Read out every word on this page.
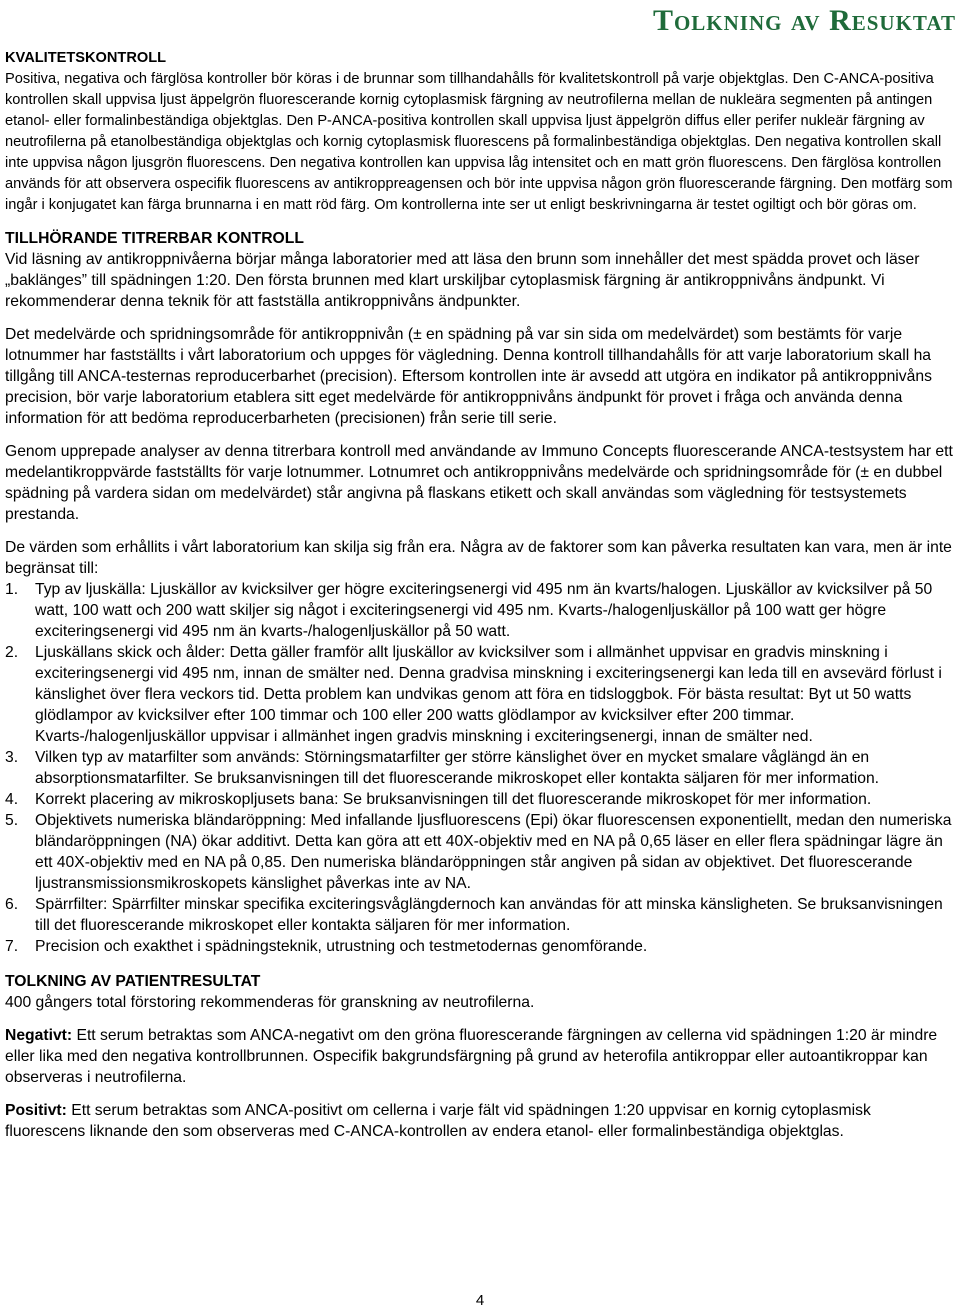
Tolkning av Resuktat
KVALITETSKONTROLL

Positiva, negativa och färglösa kontroller bör köras i de brunnar som tillhandahålls för kvalitetskontroll på varje objektglas. Den C-ANCA-positiva kontrollen skall uppvisa ljust äppelgrön fluorescerande kornig cytoplasmisk färgning av neutrofilerna mellan de nukleära segmenten på antingen etanol- eller formalinbeständiga objektglas. Den P-ANCA-positiva kontrollen skall uppvisa ljust äppelgrön diffus eller perifer nukleär färgning av neutrofilerna på etanolbeständiga objektglas och kornig cytoplasmisk fluorescens på formalinbeständiga objektglas. Den negativa kontrollen skall inte uppvisa någon ljusgrön fluorescens. Den negativa kontrollen kan uppvisa låg intensitet och en matt grön fluorescens. Den färglösa kontrollen används för att observera ospecifik fluorescens av antikroppreagensen och bör inte uppvisa någon grön fluorescerande färgning. Den motfärg som ingår i konjugatet kan färga brunnarna i en matt röd färg. Om kontrollerna inte ser ut enligt beskrivningarna är testet ogiltigt och bör göras om.

TILLHÖRANDE TITRERBAR KONTROLL

Vid läsning av antikroppnivåerna börjar många laboratorier med att läsa den brunn som innehåller det mest spädda provet och läser „baklänges” till spädningen 1:20. Den första brunnen med klart urskiljbar cytoplasmisk färgning är antikroppnivåns ändpunkt. Vi rekommenderar denna teknik för att fastställa antikroppnivåns ändpunkter.

Det medelvärde och spridningsområde för antikroppnivån (± en spädning på var sin sida om medelvärdet) som bestämts för varje lotnummer har fastställts i vårt laboratorium och uppges för vägledning. Denna kontroll tillhandahålls för att varje laboratorium skall ha tillgång till ANCA-testernas reproducerbarhet (precision). Eftersom kontrollen inte är avsedd att utgöra en indikator på antikroppnivåns precision, bör varje laboratorium etablera sitt eget medelvärde för antikroppnivåns ändpunkt för provet i fråga och använda denna information för att bedöma reproducerbarheten (precisionen) från serie till serie.

Genom upprepade analyser av denna titrerbara kontroll med användande av Immuno Concepts fluorescerande ANCA-testsystem har ett medelantikroppvärde fastställts för varje lotnummer. Lotnumret och antikroppnivåns medelvärde och spridningsområde för (± en dubbel spädning på vardera sidan om medelvärdet) står angivna på flaskans etikett och skall användas som vägledning för testsystemets prestanda.

De värden som erhållits i vårt laboratorium kan skilja sig från era. Några av de faktorer som kan påverka resultaten kan vara, men är inte begränsat till:

1. Typ av ljuskälla: Ljuskällor av kvicksilver ger högre exciteringsenergi vid 495 nm än kvarts/halogen. Ljuskällor av kvicksilver på 50 watt, 100 watt och 200 watt skiljer sig något i exciteringsenergi vid 495 nm. Kvarts-/halogenljuskällor på 100 watt ger högre exciteringsenergi vid 495 nm än kvarts-/halogenljuskällor på 50 watt.
2. Ljuskällans skick och ålder: Detta gäller framför allt ljuskällor av kvicksilver som i allmänhet uppvisar en gradvis minskning i exciteringsenergi vid 495 nm, innan de smälter ned. Denna gradvisa minskning i exciteringsenergi kan leda till en avsevärd förlust i känslighet över flera veckors tid. Detta problem kan undvikas genom att föra en tidsloggbok. För bästa resultat: Byt ut 50 watts glödlampor av kvicksilver efter 100 timmar och 100 eller 200 watts glödlampor av kvicksilver efter 200 timmar. Kvarts-/halogenljuskällor uppvisar i allmänhet ingen gradvis minskning i exciteringsenergi, innan de smälter ned.
3. Vilken typ av matarfilter som används: Störningsmatarfilter ger större känslighet över en mycket smalare våglängd än en absorptionsmatarfilter. Se bruksanvisningen till det fluorescerande mikroskopet eller kontakta säljaren för mer information.
4. Korrekt placering av mikroskopljusets bana: Se bruksanvisningen till det fluorescerande mikroskopet för mer information.
5. Objektivets numeriska bländaröppning: Med infallande ljusfluorescens (Epi) ökar fluorescensen exponentiellt, medan den numeriska bländaröppningen (NA) ökar additivt. Detta kan göra att ett 40X-objektiv med en NA på 0,65 läser en eller flera spädningar lägre än ett 40X-objektiv med en NA på 0,85. Den numeriska bländaröppningen står angiven på sidan av objektivet. Det fluorescerande ljustransmissionsmikroskopets känslighet påverkas inte av NA.
6. Spärrfilter: Spärrfilter minskar specifika exciteringsvåglängdernoch kan användas för att minska känsligheten. Se bruksanvisningen till det fluorescerande mikroskopet eller kontakta säljaren för mer information.
7. Precision och exakthet i spädningsteknik, utrustning och testmetodernas genomförande.
TOLKNING AV PATIENTRESULTAT

400 gångers total förstoring rekommenderas för granskning av neutrofilerna.

Negativt: Ett serum betraktas som ANCA-negativt om den gröna fluorescerande färgningen av cellerna vid spädningen 1:20 är mindre eller lika med den negativa kontrollbrunnen. Ospecifik bakgrundsfärgning på grund av heterofila antikroppar eller autoantikroppar kan observeras i neutrofilerna.

Positivt: Ett serum betraktas som ANCA-positivt om cellerna i varje fält vid spädningen 1:20 uppvisar en kornig cytoplasmisk fluorescens liknande den som observeras med C-ANCA-kontrollen av endera etanol- eller formalinbeständiga objektglas.

4
